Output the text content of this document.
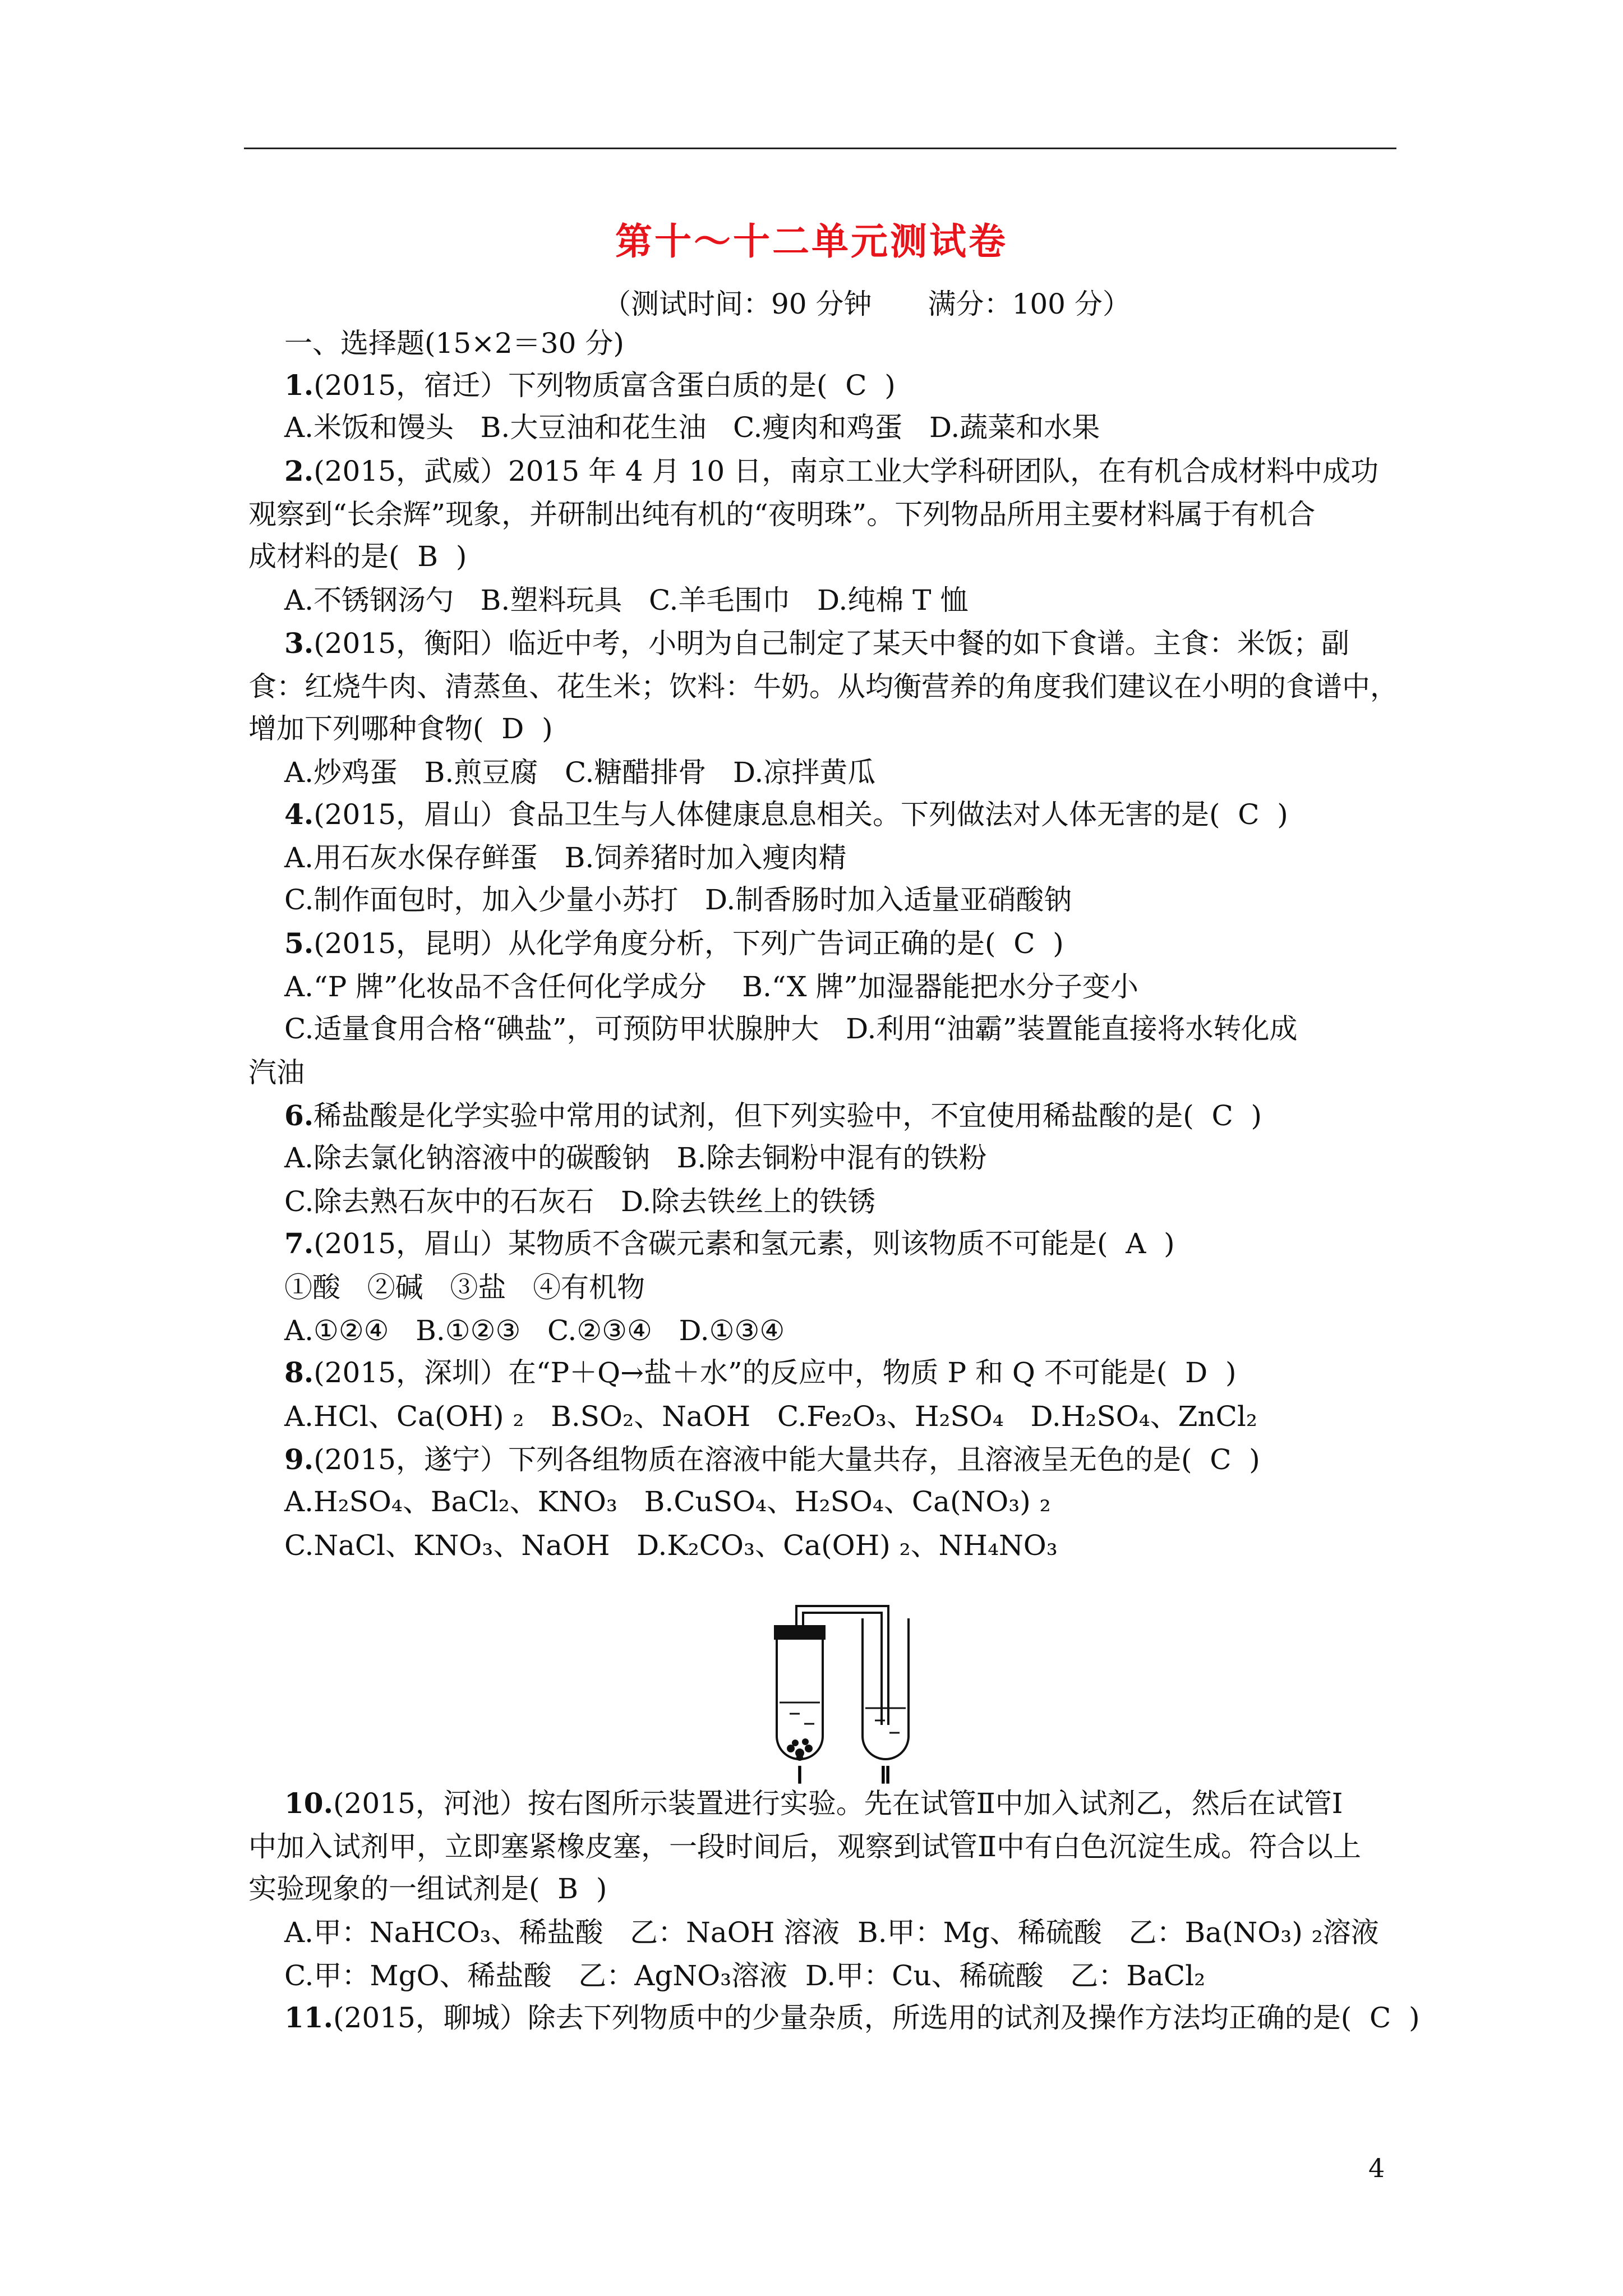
第十～十二单元测试卷
（测试时间：90 分钟　　满分：100 分）
一、选择题(15×2＝30 分)
1.(2015，宿迁）下列物质富含蛋白质的是(  C  )
A.米饭和馒头   B.大豆油和花生油   C.瘦肉和鸡蛋   D.蔬菜和水果
2.(2015，武威）2015 年 4 月 10 日，南京工业大学科研团队，在有机合成材料中成功
观察到“长余辉”现象，并研制出纯有机的“夜明珠”。下列物品所用主要材料属于有机合
成材料的是(  B  )
A.不锈钢汤勺   B.塑料玩具   C.羊毛围巾   D.纯棉 T 恤
3.(2015，衡阳）临近中考，小明为自己制定了某天中餐的如下食谱。主食：米饭；副
食：红烧牛肉、清蒸鱼、花生米；饮料：牛奶。从均衡营养的角度我们建议在小明的食谱中，
增加下列哪种食物(  D  )
A.炒鸡蛋   B.煎豆腐   C.糖醋排骨   D.凉拌黄瓜
4.(2015，眉山）食品卫生与人体健康息息相关。下列做法对人体无害的是(  C  )
A.用石灰水保存鲜蛋   B.饲养猪时加入瘦肉精
C.制作面包时，加入少量小苏打   D.制香肠时加入适量亚硝酸钠
5.(2015，昆明）从化学角度分析，下列广告词正确的是(  C  )
A.“P 牌”化妆品不含任何化学成分    B.“X 牌”加湿器能把水分子变小
C.适量食用合格“碘盐”，可预防甲状腺肿大   D.利用“油霸”装置能直接将水转化成
汽油
6.稀盐酸是化学实验中常用的试剂，但下列实验中，不宜使用稀盐酸的是(  C  )
A.除去氯化钠溶液中的碳酸钠   B.除去铜粉中混有的铁粉
C.除去熟石灰中的石灰石   D.除去铁丝上的铁锈
7.(2015，眉山）某物质不含碳元素和氢元素，则该物质不可能是(  A  )
①酸   ②碱   ③盐   ④有机物
A.①②④   B.①②③   C.②③④   D.①③④
8.(2015，深圳）在“P＋Q→盐＋水”的反应中，物质 P 和 Q 不可能是(  D  )
A.HCl、Ca(OH) ₂   B.SO₂、NaOH   C.Fe₂O₃、H₂SO₄   D.H₂SO₄、ZnCl₂
9.(2015，遂宁）下列各组物质在溶液中能大量共存，且溶液呈无色的是(  C  )
A.H₂SO₄、BaCl₂、KNO₃   B.CuSO₄、H₂SO₄、Ca(NO₃) ₂
C.NaCl、KNO₃、NaOH   D.K₂CO₃、Ca(OH) ₂、NH₄NO₃
Ⅰ	Ⅱ
10.(2015，河池）按右图所示装置进行实验。先在试管Ⅱ中加入试剂乙，然后在试管Ⅰ
中加入试剂甲，立即塞紧橡皮塞，一段时间后，观察到试管Ⅱ中有白色沉淀生成。符合以上
实验现象的一组试剂是(  B  )
A.甲：NaHCO₃、稀盐酸   乙：NaOH 溶液  B.甲：Mg、稀硫酸   乙：Ba(NO₃) ₂溶液
C.甲：MgO、稀盐酸   乙：AgNO₃溶液  D.甲：Cu、稀硫酸   乙：BaCl₂
11.(2015，聊城）除去下列物质中的少量杂质，所选用的试剂及操作方法均正确的是(  C  )
4
